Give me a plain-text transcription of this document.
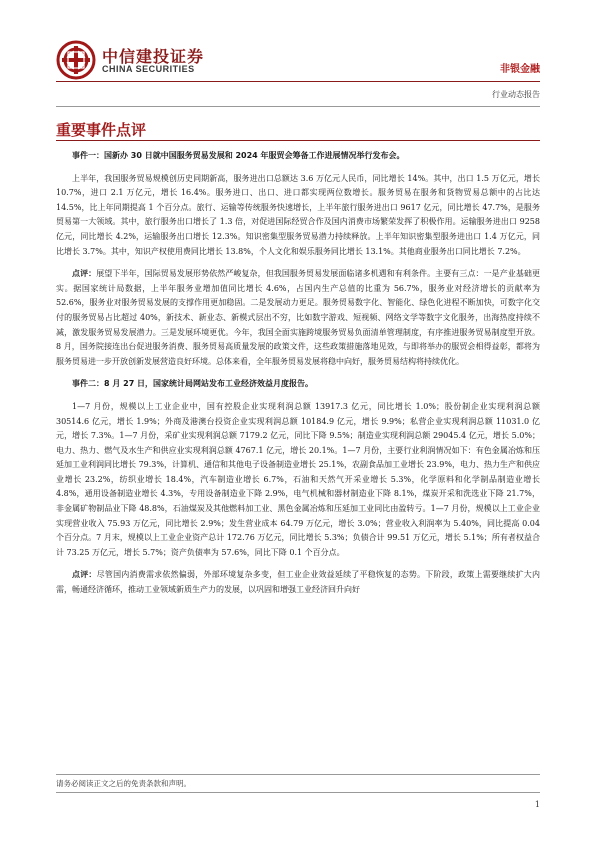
中信建投证券
CHINA SECURITIES	非银金融
行业动态报告
重要事件点评

事件一：国新办 30 日就中国服务贸易发展和 2024 年服贸会筹备工作进展情况举行发布会。

上半年，我国服务贸易规模创历史同期新高，服务进出口总额达 3.6 万亿元人民币，同比增长 14%。其中，出口 1.5 万亿元，增长 10.7%，进口 2.1 万亿元，增长 16.4%。服务进口、出口、进口都实现两位数增长。服务贸易在服务和货物贸易总额中的占比达 14.5%，比上年同期提高 1 个百分点。旅行、运输等传统服务快速增长，上半年旅行服务进出口 9617 亿元，同比增长 47.7%，是服务贸易第一大领域。其中，旅行服务出口增长了 1.3 倍，对促进国际经贸合作及国内消费市场繁荣发挥了积极作用。运输服务进出口 9258 亿元，同比增长 4.2%，运输服务出口增长 12.3%。知识密集型服务贸易潜力持续释放。上半年知识密集型服务进出口 1.4 万亿元，同比增长 3.7%。其中，知识产权使用费同比增长 13.8%，个人文化和娱乐服务同比增长 13.1%。其他商业服务出口同比增长 7.2%。

点评：展望下半年，国际贸易发展形势依然严峻复杂，但我国服务贸易发展面临诸多机遇和有利条件。主要有三点：一是产业基础更实。据国家统计局数据，上半年服务业增加值同比增长 4.6%，占国内生产总值的比重为 56.7%，服务业对经济增长的贡献率为 52.6%，服务业对服务贸易发展的支撑作用更加稳固。二是发展动力更足。服务贸易数字化、智能化、绿色化进程不断加快，可数字化交付的服务贸易占比超过 40%，新技术、新业态、新模式层出不穷，比如数字游戏、短视频、网络文学等数字文化服务，出海热度持续不减，激发服务贸易发展潜力。三是发展环境更优。今年，我国全面实施跨境服务贸易负面清单管理制度，有序推进服务贸易制度型开放。8 月，国务院接连出台促进服务消费、服务贸易高质量发展的政策文件，这些政策措施落地见效，与即将举办的服贸会相得益彰，都将为服务贸易进一步开放创新发展营造良好环境。总体来看，全年服务贸易发展将稳中向好，服务贸易结构将持续优化。

事件二：8 月 27 日，国家统计局网站发布工业经济效益月度报告。

1—7 月份，规模以上工业企业中，国有控股企业实现利润总额 13917.3 亿元，同比增长 1.0%；股份制企业实现利润总额 30514.6 亿元，增长 1.9%；外商及港澳台投资企业实现利润总额 10184.9 亿元，增长 9.9%；私营企业实现利润总额 11031.0 亿元，增长 7.3%。1—7 月份，采矿业实现利润总额 7179.2 亿元，同比下降 9.5%；制造业实现利润总额 29045.4 亿元，增长 5.0%；电力、热力、燃气及水生产和供应业实现利润总额 4767.1 亿元，增长 20.1%。1—7 月份，主要行业利润情况如下：有色金属冶炼和压延加工业利润同比增长 79.3%，计算机、通信和其他电子设备制造业增长 25.1%，农副食品加工业增长 23.9%，电力、热力生产和供应业增长 23.2%，纺织业增长 18.4%，汽车制造业增长 6.7%，石油和天然气开采业增长 5.3%，化学原料和化学制品制造业增长 4.8%，通用设备制造业增长 4.3%，专用设备制造业下降 2.9%，电气机械和器材制造业下降 8.1%，煤炭开采和洗选业下降 21.7%，非金属矿物制品业下降 48.8%，石油煤炭及其他燃料加工业、黑色金属冶炼和压延加工业同比由盈转亏。1—7 月份，规模以上工业企业实现营业收入 75.93 万亿元，同比增长 2.9%；发生营业成本 64.79 万亿元，增长 3.0%；营业收入利润率为 5.40%，同比提高 0.04 个百分点。7 月末，规模以上工业企业资产总计 172.76 万亿元，同比增长 5.3%；负债合计 99.51 万亿元，增长 5.1%；所有者权益合计 73.25 万亿元，增长 5.7%；资产负债率为 57.6%，同比下降 0.1 个百分点。

点评：尽管国内消费需求依然偏弱，外部环境复杂多变，但工业企业效益延续了平稳恢复的态势。下阶段，政策上需要继续扩大内需，畅通经济循环，推动工业领域新质生产力的发展，以巩固和增强工业经济回升向好

请务必阅读正文之后的免责条款和声明。
1
